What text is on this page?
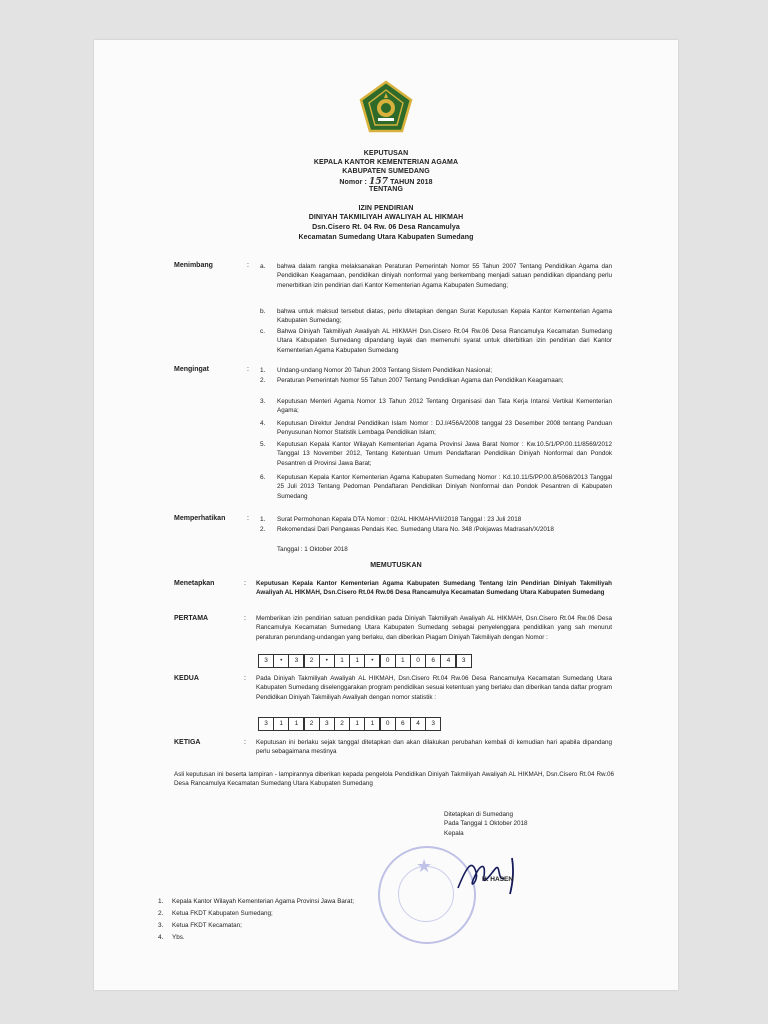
KEPUTUSAN
KEPALA KANTOR KEMENTERIAN AGAMA
KABUPATEN SUMEDANG
Nomor : 157 TAHUN 2018
TENTANG
IZIN PENDIRIAN
DINIYAH TAKMILIYAH AWALIYAH AL HIKMAH
Dsn.Cisero Rt. 04 Rw. 06 Desa Rancamulya
Kecamatan Sumedang Utara Kabupaten Sumedang
Menimbang	: a. bahwa dalam rangka melaksanakan Peraturan Pemerintah Nomor 55 Tahun 2007 Tentang Pendidikan Agama dan Pendidikan Keagamaan, pendidikan diniyah nonformal yang berkembang menjadi satuan pendidikan dipandang perlu menerbitkan izin pendirian dari Kantor Kementerian Agama Kabupaten Sumedang;
b. bahwa untuk maksud tersebut diatas, perlu ditetapkan dengan Surat Keputusan Kepala Kantor Kementerian Agama Kabupaten Sumedang;
c. Bahwa Diniyah Takmiliyah Awaliyah AL HIKMAH Dsn.Cisero Rt.04 Rw.06 Desa Rancamulya Kecamatan Sumedang Utara Kabupaten Sumedang dipandang layak dan memenuhi syarat untuk diterbitkan izin pendirian dari Kantor Kementerian Agama Kabupaten Sumedang
Mengingat	: 1. Undang-undang Nomor 20 Tahun 2003 Tentang Sistem Pendidikan Nasional;
2. Peraturan Pemerintah Nomor 55 Tahun 2007 Tentang Pendidikan Agama dan Pendidikan Keagamaan;
3. Keputusan Menteri Agama Nomor 13 Tahun 2012 Tentang Organisasi dan Tata Kerja Intansi Vertikal Kementerian Agama;
4. Keputusan Direktur Jendral Pendidikan Islam Nomor : DJ.I/456A/2008 tanggal 23 Desember 2008 tentang Panduan Penyusunan Nomor Statistik Lembaga Pendidikan Islam;
5. Keputusan Kepala Kantor Wilayah Kementerian Agama Provinsi Jawa Barat Nomor : Kw.10.5/1/PP.00.11/8569/2012 Tanggal 13 November 2012, Tentang Ketentuan Umum Pendaftaran Pendidikan Diniyah Nonformal dan Pondok Pesantren di Provinsi Jawa Barat;
6. Keputusan Kepala Kantor Kementerian Agama Kabupaten Sumedang Nomor : Kd.10.11/5/PP.00.8/5068/2013 Tanggal 25 Juli 2013 Tentang Pedoman Pendaftaran Pendidikan Diniyah Nonformal dan Pondok Pesantren di Kabupaten Sumedang
Memperhatikan	: 1. Surat Permohonan Kepala DTA Nomor : 02/AL HIKMAH/VII/2018 Tanggal : 23 Juli 2018
2. Rekomendasi Dari Pengawas Pendais Kec. Sumedang Utara No. 348 /Pokjawas Madrasah/X/2018
Tanggal : 1 Oktober 2018
MEMUTUSKAN
Menetapkan	: Keputusan Kepala Kantor Kementerian Agama Kabupaten Sumedang Tentang Izin Pendirian Diniyah Takmiliyah Awaliyah AL HIKMAH, Dsn.Cisero Rt.04 Rw.06 Desa Rancamulya Kecamatan Sumedang Utara Kabupaten Sumedang
PERTAMA	: Memberikan izin pendirian satuan pendidikan pada Diniyah Takmiliyah Awaliyah AL HIKMAH, Dsn.Cisero Rt.04 Rw.06 Desa Rancamulya Kecamatan Sumedang Utara Kabupaten Sumedang sebagai penyelenggara pendidikan yang sah menurut peraturan perundang-undangan yang berlaku, dan diberikan Piagam Diniyah Takmiliyah dengan Nomor :
3	•	3	2	•	1	1	•	0	1	0	6	4	3
KEDUA	: Pada Diniyah Takmiliyah Awaliyah AL HIKMAH, Dsn.Cisero Rt.04 Rw.06 Desa Rancamulya Kecamatan Sumedang Utara Kabupaten Sumedang diselenggarakan program pendidikan sesuai ketentuan yang berlaku dan diberikan tanda daftar program Pendidikan Diniyah Takmiliyah Awaliyah dengan nomor statistik :
3	1	1	2	3	2	1	1	0	6	4	3
KETIGA	: Keputusan ini berlaku sejak tanggal ditetapkan dan akan dilakukan perubahan kembali di kemudian hari apabila dipandang perlu sebagaimana mestinya
Asli keputusan ini beserta lampiran - lampirannya diberikan kepada pengelola Pendidikan Diniyah Takmiliyah Awaliyah AL HIKMAH, Dsn.Cisero Rt.04 Rw.06 Desa Rancamulya Kecamatan Sumedang Utara Kabupaten Sumedang
★
Ditetapkan di Sumedang
Pada Tanggal 1 Oktober 2018
Kepala
H. HASEN
1. Kepala Kantor Wilayah Kementerian Agama Provinsi Jawa Barat;
2. Ketua FKDT Kabupaten Sumedang;
3. Ketua FKDT Kecamatan;
4. Ybs.
